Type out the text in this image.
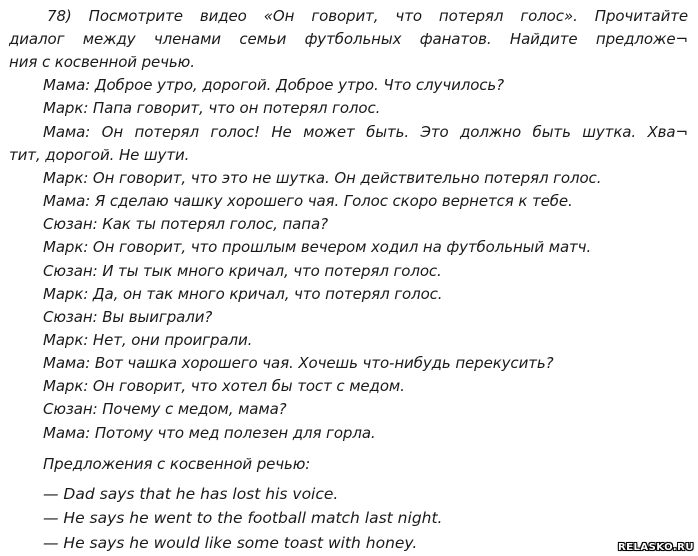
78) Посмотрите видео «Он говорит, что потерял голос». Прочитайте
диалог между членами семьи футбольных фанатов. Найдите предложе¬
ния с косвенной речью.
Мама: Доброе утро, дорогой. Доброе утро. Что случилось?
Марк: Папа говорит, что он потерял голос.
Мама: Он потерял голос! Не может быть. Это должно быть шутка. Хва¬
тит, дорогой. Не шути.
Марк: Он говорит, что это не шутка. Он действительно потерял голос.
Мама: Я сделаю чашку хорошего чая. Голос скоро вернется к тебе.
Сюзан: Как ты потерял голос, папа?
Марк: Он говорит, что прошлым вечером ходил на футбольный матч.
Сюзан: И ты тык много кричал, что потерял голос.
Марк: Да, он так много кричал, что потерял голос.
Сюзан: Вы выиграли?
Марк: Нет, они проиграли.
Мама: Вот чашка хорошего чая. Хочешь что-нибудь перекусить?
Марк: Он говорит, что хотел бы тост с медом.
Сюзан: Почему с медом, мама?
Мама: Потому что мед полезен для горла.
Предложения с косвенной речью:
— Dad says that he has lost his voice.
— He says he went to the football match last night.
— He says he would like some toast with honey.	RELASKO.RU
